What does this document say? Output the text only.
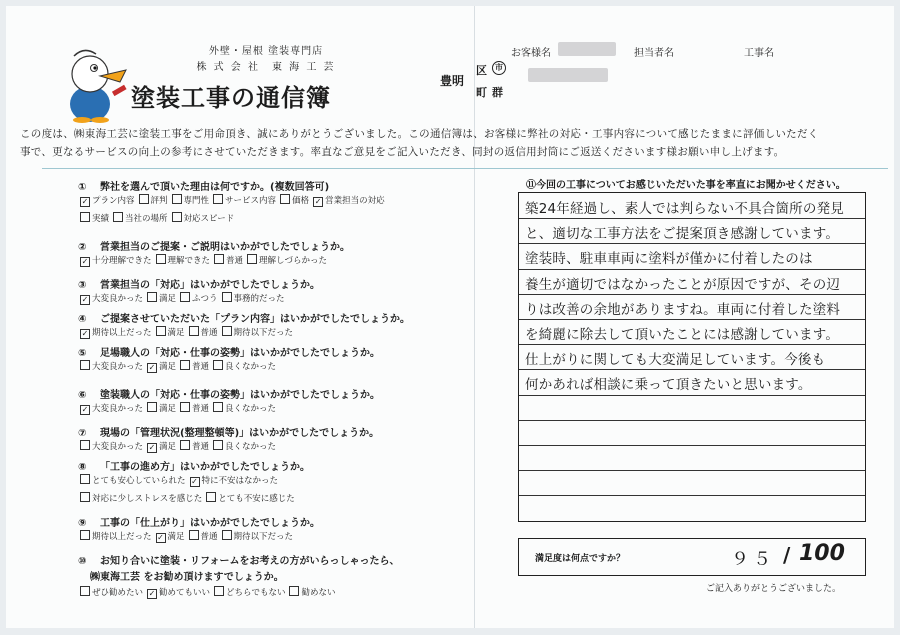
外壁・屋根 塗装専門店
株 式 会 社　東 海 工 芸
塗装工事の通信簿
お客様名	担当者名	工事名
豊明
区	市
町 群
この度は、㈱東海工芸に塗装工事をご用命頂き、誠にありがとうございました。この通信簿は、お客様に弊社の対応・工事内容について感じたままに評価しいただく
事で、更なるサービスの向上の参考にさせていただきます。率直なご意見をご記入いただき、同封の返信用封筒にご返送くださいます様お願い申し上げます。
① 弊社を選んで頂いた理由は何ですか。(複数回答可)
✓ プラン内容 評判 専門性 サービス内容 価格 ✓ 営業担当の対応
実績 当社の場所 対応スピード
② 営業担当のご提案・ご説明はいかがでしたでしょうか。
✓ 十分理解できた 理解できた 普通 理解しづらかった
③ 営業担当の「対応」はいかがでしたでしょうか。
✓ 大変良かった 満足 ふつう 事務的だった
④ ご提案させていただいた「プラン内容」はいかがでしたでしょうか。
✓ 期待以上だった 満足 普通 期待以下だった
⑤ 足場職人の「対応・仕事の姿勢」はいかがでしたでしょうか。
大変良かった ✓ 満足 普通 良くなかった
⑥ 塗装職人の「対応・仕事の姿勢」はいかがでしたでしょうか。
✓ 大変良かった 満足 普通 良くなかった
⑦ 現場の「管理状況(整理整頓等)」はいかがでしたでしょうか。
大変良かった ✓ 満足 普通 良くなかった
⑧ 「工事の進め方」はいかがでしたでしょうか。
とても安心していられた ✓ 特に不安はなかった
対応に少しストレスを感じた とても不安に感じた
⑨ 工事の「仕上がり」はいかがでしたでしょうか。
期待以上だった ✓ 満足 普通 期待以下だった
⑩ お知り合いに塗装・リフォームをお考えの方がいらっしゃったら、
㈱東海工芸 をお勧め頂けますでしょうか。
ぜひ勧めたい ✓ 勧めてもいい どちらでもない 勧めない
⑪今回の工事についてお感じいただいた事を率直にお聞かせください。
築24年経過し、素人では判らない不具合箇所の発見
と、適切な工事方法をご提案頂き感謝しています。
塗装時、駐車車両に塗料が僅かに付着したのは
養生が適切ではなかったことが原因ですが、その辺
りは改善の余地がありますね。車両に付着した塗料
を綺麗に除去して頂いたことには感謝しています。
仕上がりに関しても大変満足しています。今後も
何かあれば相談に乗って頂きたいと思います。
満足度は何点ですか？	９５ / 100
ご記入ありがとうございました。
